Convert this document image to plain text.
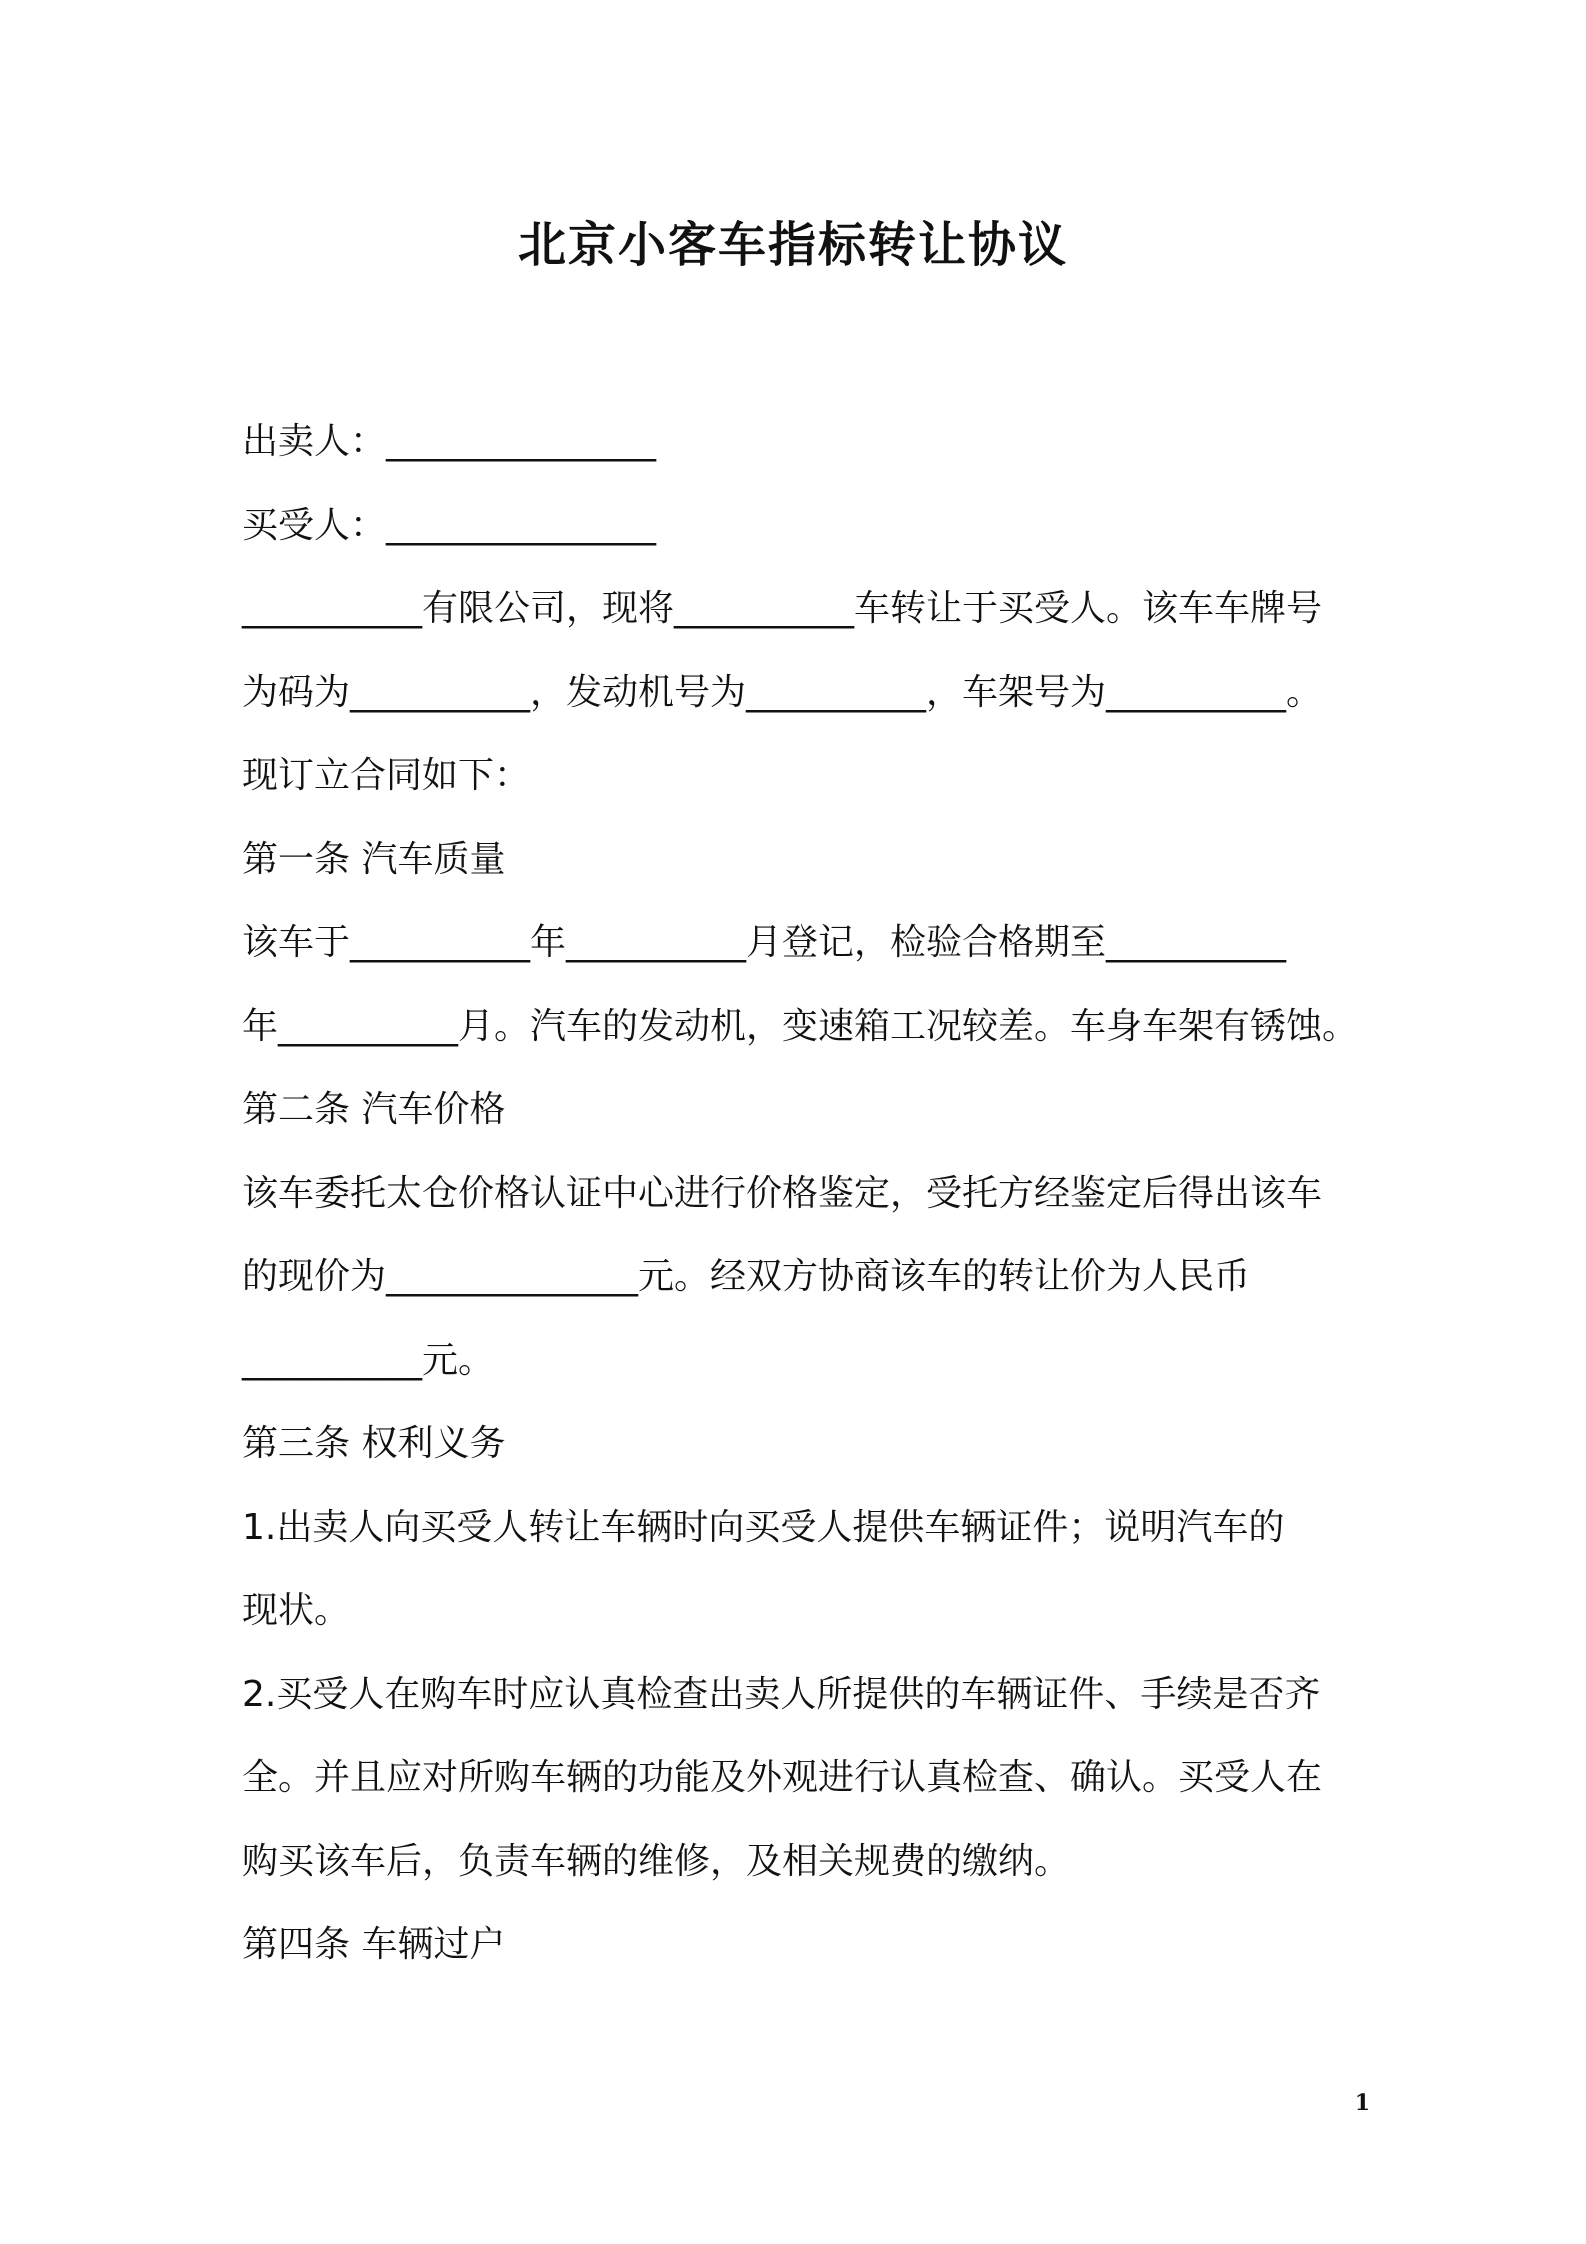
北京小客车指标转让协议
出卖人：_______________
买受人：_______________
__________有限公司，现将__________车转让于买受人。该车车牌号
为码为__________，发动机号为__________，车架号为__________。
现订立合同如下：
第一条 汽车质量
该车于__________年__________月登记，检验合格期至__________
年__________月。汽车的发动机，变速箱工况较差。车身车架有锈蚀。
第二条 汽车价格
该车委托太仓价格认证中心进行价格鉴定，受托方经鉴定后得出该车
的现价为______________元。经双方协商该车的转让价为人民币
__________元。
第三条 权利义务
1.出卖人向买受人转让车辆时向买受人提供车辆证件；说明汽车的
现状。
2.买受人在购车时应认真检查出卖人所提供的车辆证件、手续是否齐
全。并且应对所购车辆的功能及外观进行认真检查、确认。买受人在
购买该车后，负责车辆的维修，及相关规费的缴纳。
第四条 车辆过户
1
